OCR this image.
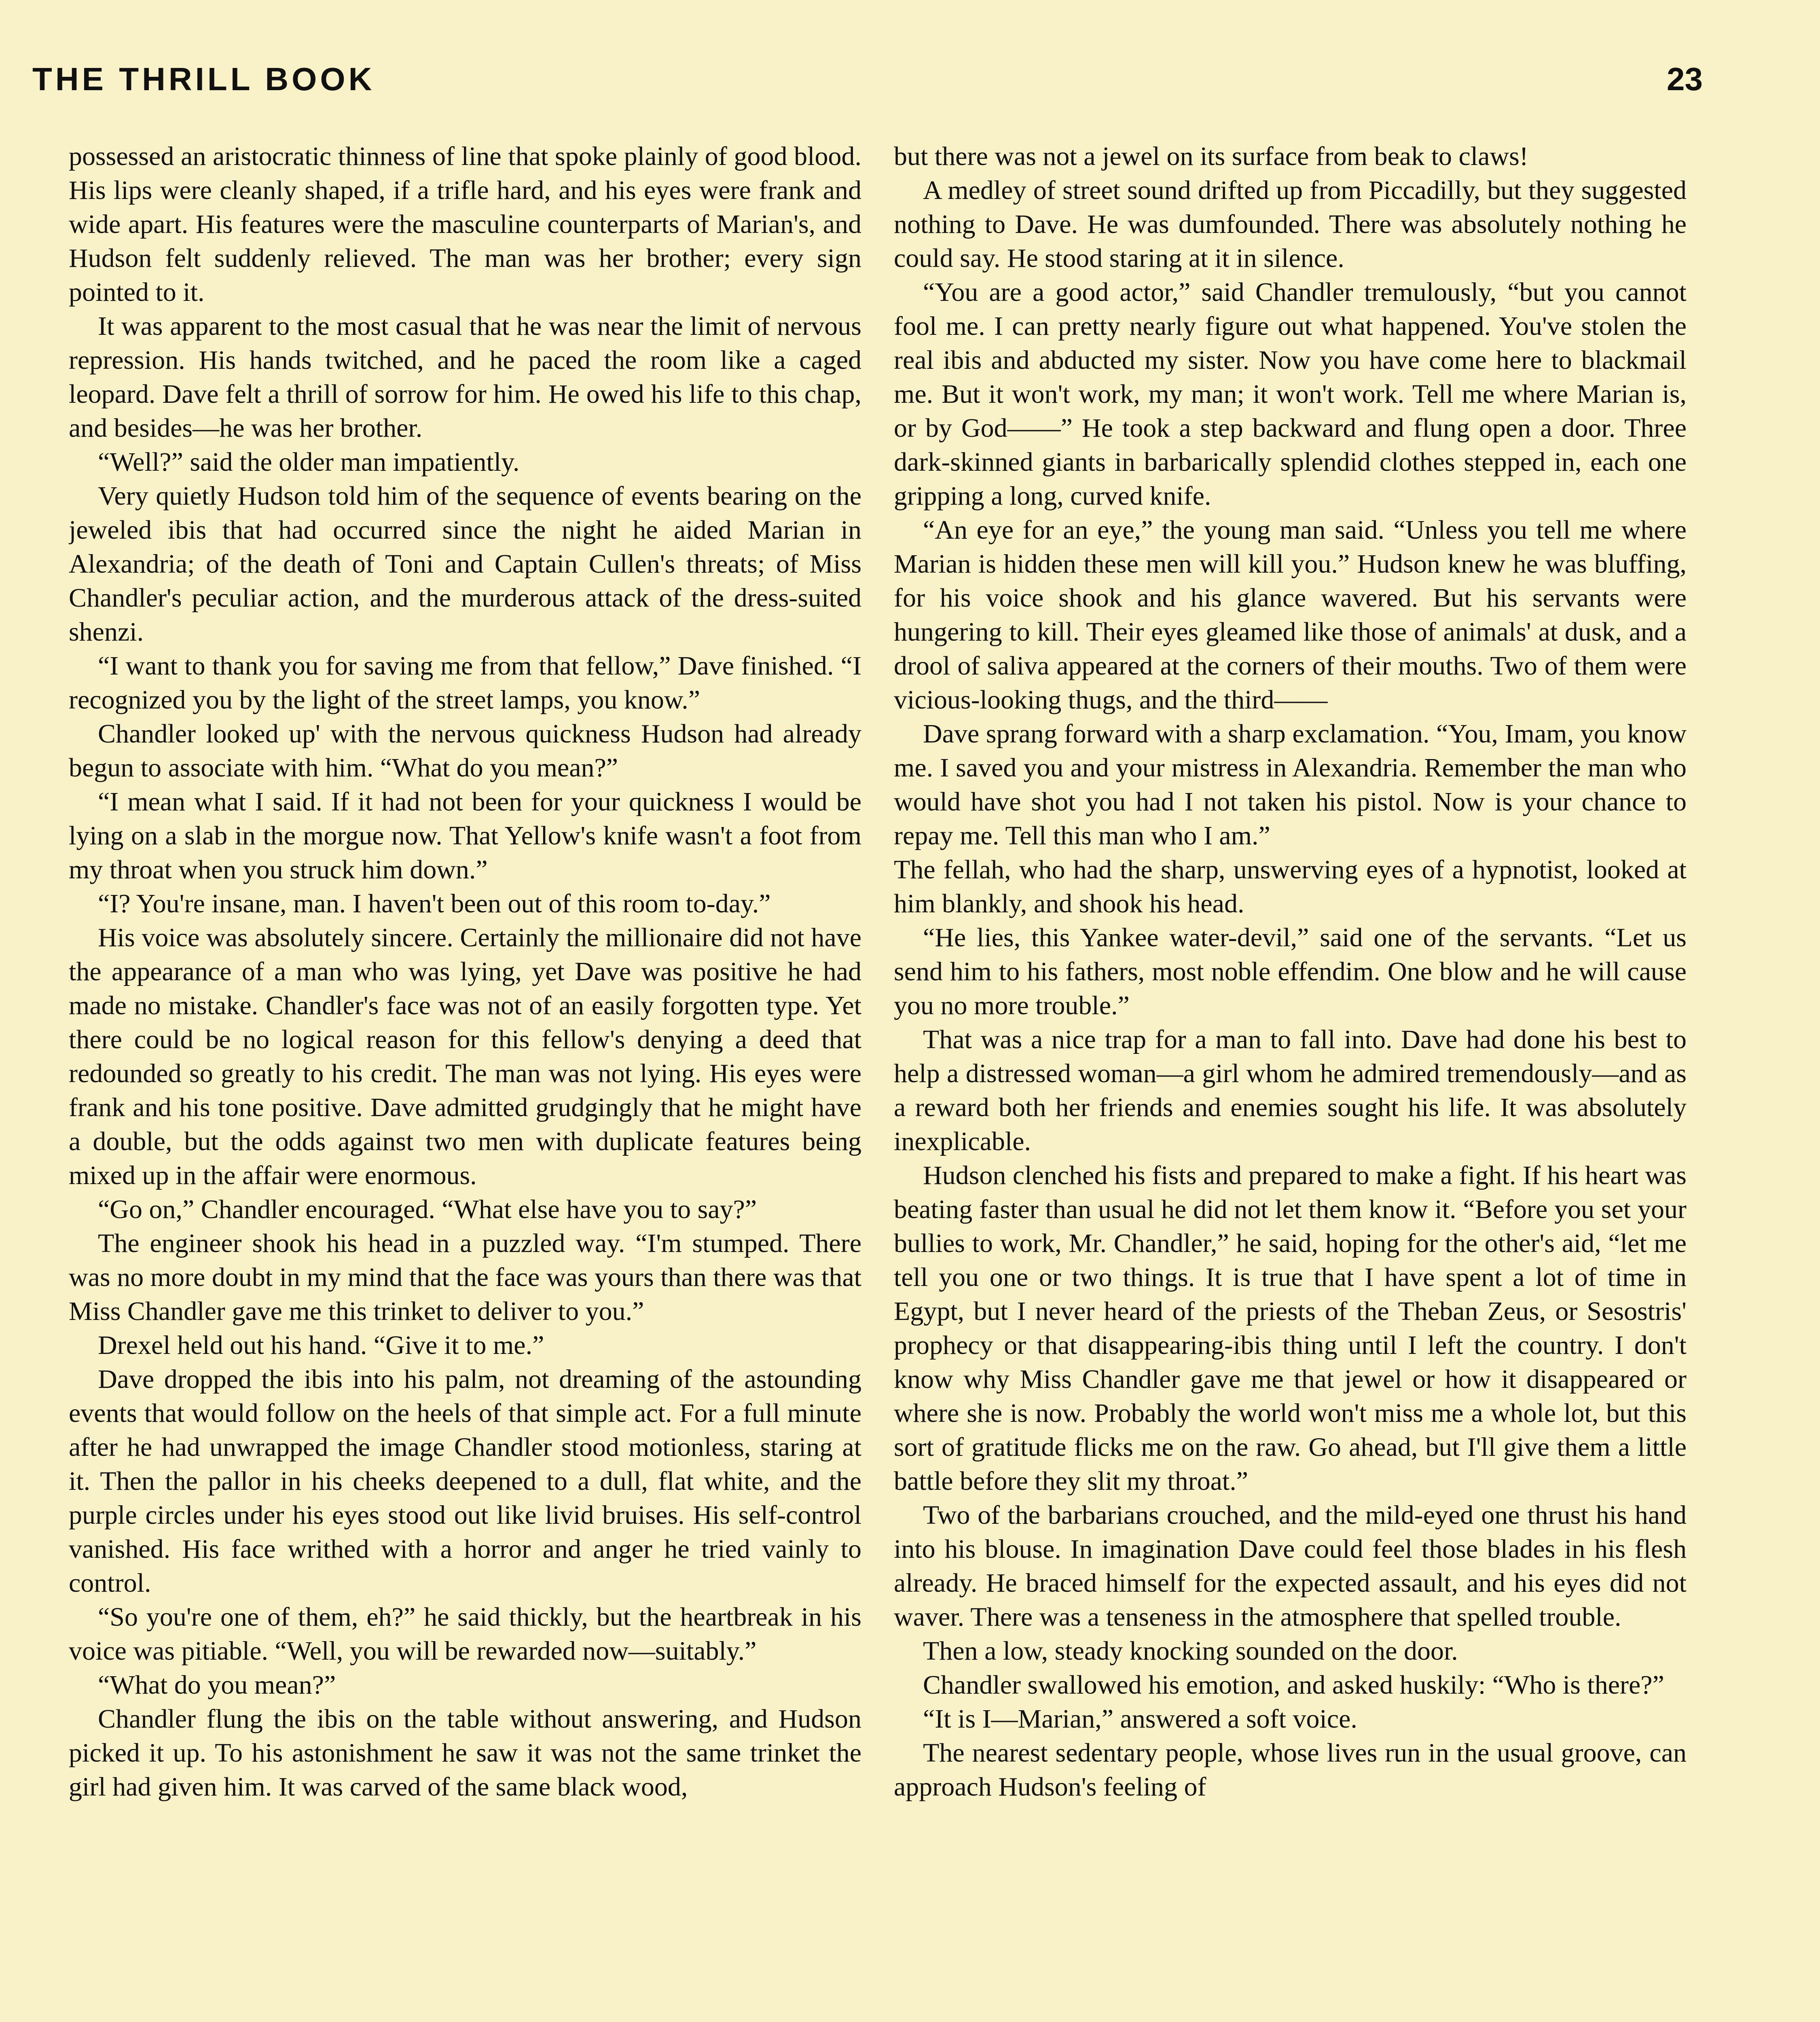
THE THRILL BOOK	23

possessed an aristocratic thinness of line that spoke plainly of good blood. His lips were cleanly shaped, if a trifle hard, and his eyes were frank and wide apart. His features were the masculine counterparts of Marian's, and Hudson felt suddenly relieved. The man was her brother; every sign pointed to it.

It was apparent to the most casual that he was near the limit of nervous repression. His hands twitched, and he paced the room like a caged leopard. Dave felt a thrill of sorrow for him. He owed his life to this chap, and besides—he was her brother.

“Well?” said the older man impatiently.

Very quietly Hudson told him of the sequence of events bearing on the jeweled ibis that had occurred since the night he aided Marian in Alexandria; of the death of Toni and Captain Cullen's threats; of Miss Chandler's peculiar action, and the murderous attack of the dress-suited shenzi.

“I want to thank you for saving me from that fellow,” Dave finished. “I recognized you by the light of the street lamps, you know.”

Chandler looked up' with the nervous quickness Hudson had already begun to associate with him. “What do you mean?”

“I mean what I said. If it had not been for your quickness I would be lying on a slab in the morgue now. That Yellow's knife wasn't a foot from my throat when you struck him down.”

“I? You're insane, man. I haven't been out of this room to-day.”

His voice was absolutely sincere. Certainly the millionaire did not have the appearance of a man who was lying, yet Dave was positive he had made no mistake. Chandler's face was not of an easily forgotten type. Yet there could be no logical reason for this fellow's denying a deed that redounded so greatly to his credit. The man was not lying. His eyes were frank and his tone positive. Dave admitted grudgingly that he might have a double, but the odds against two men with duplicate features being mixed up in the affair were enormous.

“Go on,” Chandler encouraged. “What else have you to say?”

The engineer shook his head in a puzzled way. “I'm stumped. There was no more doubt in my mind that the face was yours than there was that Miss Chandler gave me this trinket to deliver to you.”

Drexel held out his hand. “Give it to me.”

Dave dropped the ibis into his palm, not dreaming of the astounding events that would follow on the heels of that simple act. For a full minute after he had unwrapped the image Chandler stood motionless, staring at it. Then the pallor in his cheeks deepened to a dull, flat white, and the purple circles under his eyes stood out like livid bruises. His self-control vanished. His face writhed with a horror and anger he tried vainly to control.

“So you're one of them, eh?” he said thickly, but the heartbreak in his voice was pitiable. “Well, you will be rewarded now—suitably.”

“What do you mean?”

Chandler flung the ibis on the table without answering, and Hudson picked it up. To his astonishment he saw it was not the same trinket the girl had given him. It was carved of the same black wood,

but there was not a jewel on its surface from beak to claws!

A medley of street sound drifted up from Piccadilly, but they suggested nothing to Dave. He was dumfounded. There was absolutely nothing he could say. He stood staring at it in silence.

“You are a good actor,” said Chandler tremulously, “but you cannot fool me. I can pretty nearly figure out what happened. You've stolen the real ibis and abducted my sister. Now you have come here to blackmail me. But it won't work, my man; it won't work. Tell me where Marian is, or by God——” He took a step backward and flung open a door. Three dark-skinned giants in barbarically splendid clothes stepped in, each one gripping a long, curved knife.

“An eye for an eye,” the young man said. “Unless you tell me where Marian is hidden these men will kill you.” Hudson knew he was bluffing, for his voice shook and his glance wavered. But his servants were hungering to kill. Their eyes gleamed like those of animals' at dusk, and a drool of saliva appeared at the corners of their mouths. Two of them were vicious-looking thugs, and the third——

Dave sprang forward with a sharp exclamation. “You, Imam, you know me. I saved you and your mistress in Alexandria. Remember the man who would have shot you had I not taken his pistol. Now is your chance to repay me. Tell this man who I am.”

The fellah, who had the sharp, unswerving eyes of a hypnotist, looked at him blankly, and shook his head.

“He lies, this Yankee water-devil,” said one of the servants. “Let us send him to his fathers, most noble effendim. One blow and he will cause you no more trouble.”

That was a nice trap for a man to fall into. Dave had done his best to help a distressed woman—a girl whom he admired tremendously—and as a reward both her friends and enemies sought his life. It was absolutely inexplicable.

Hudson clenched his fists and prepared to make a fight. If his heart was beating faster than usual he did not let them know it. “Before you set your bullies to work, Mr. Chandler,” he said, hoping for the other's aid, “let me tell you one or two things. It is true that I have spent a lot of time in Egypt, but I never heard of the priests of the Theban Zeus, or Sesostris' prophecy or that disappearing-ibis thing until I left the country. I don't know why Miss Chandler gave me that jewel or how it disappeared or where she is now. Probably the world won't miss me a whole lot, but this sort of gratitude flicks me on the raw. Go ahead, but I'll give them a little battle before they slit my throat.”

Two of the barbarians crouched, and the mild-eyed one thrust his hand into his blouse. In imagination Dave could feel those blades in his flesh already. He braced himself for the expected assault, and his eyes did not waver. There was a tenseness in the atmosphere that spelled trouble.

Then a low, steady knocking sounded on the door.

Chandler swallowed his emotion, and asked huskily: “Who is there?”

“It is I—Marian,” answered a soft voice.

The nearest sedentary people, whose lives run in the usual groove, can approach Hudson's feeling of
